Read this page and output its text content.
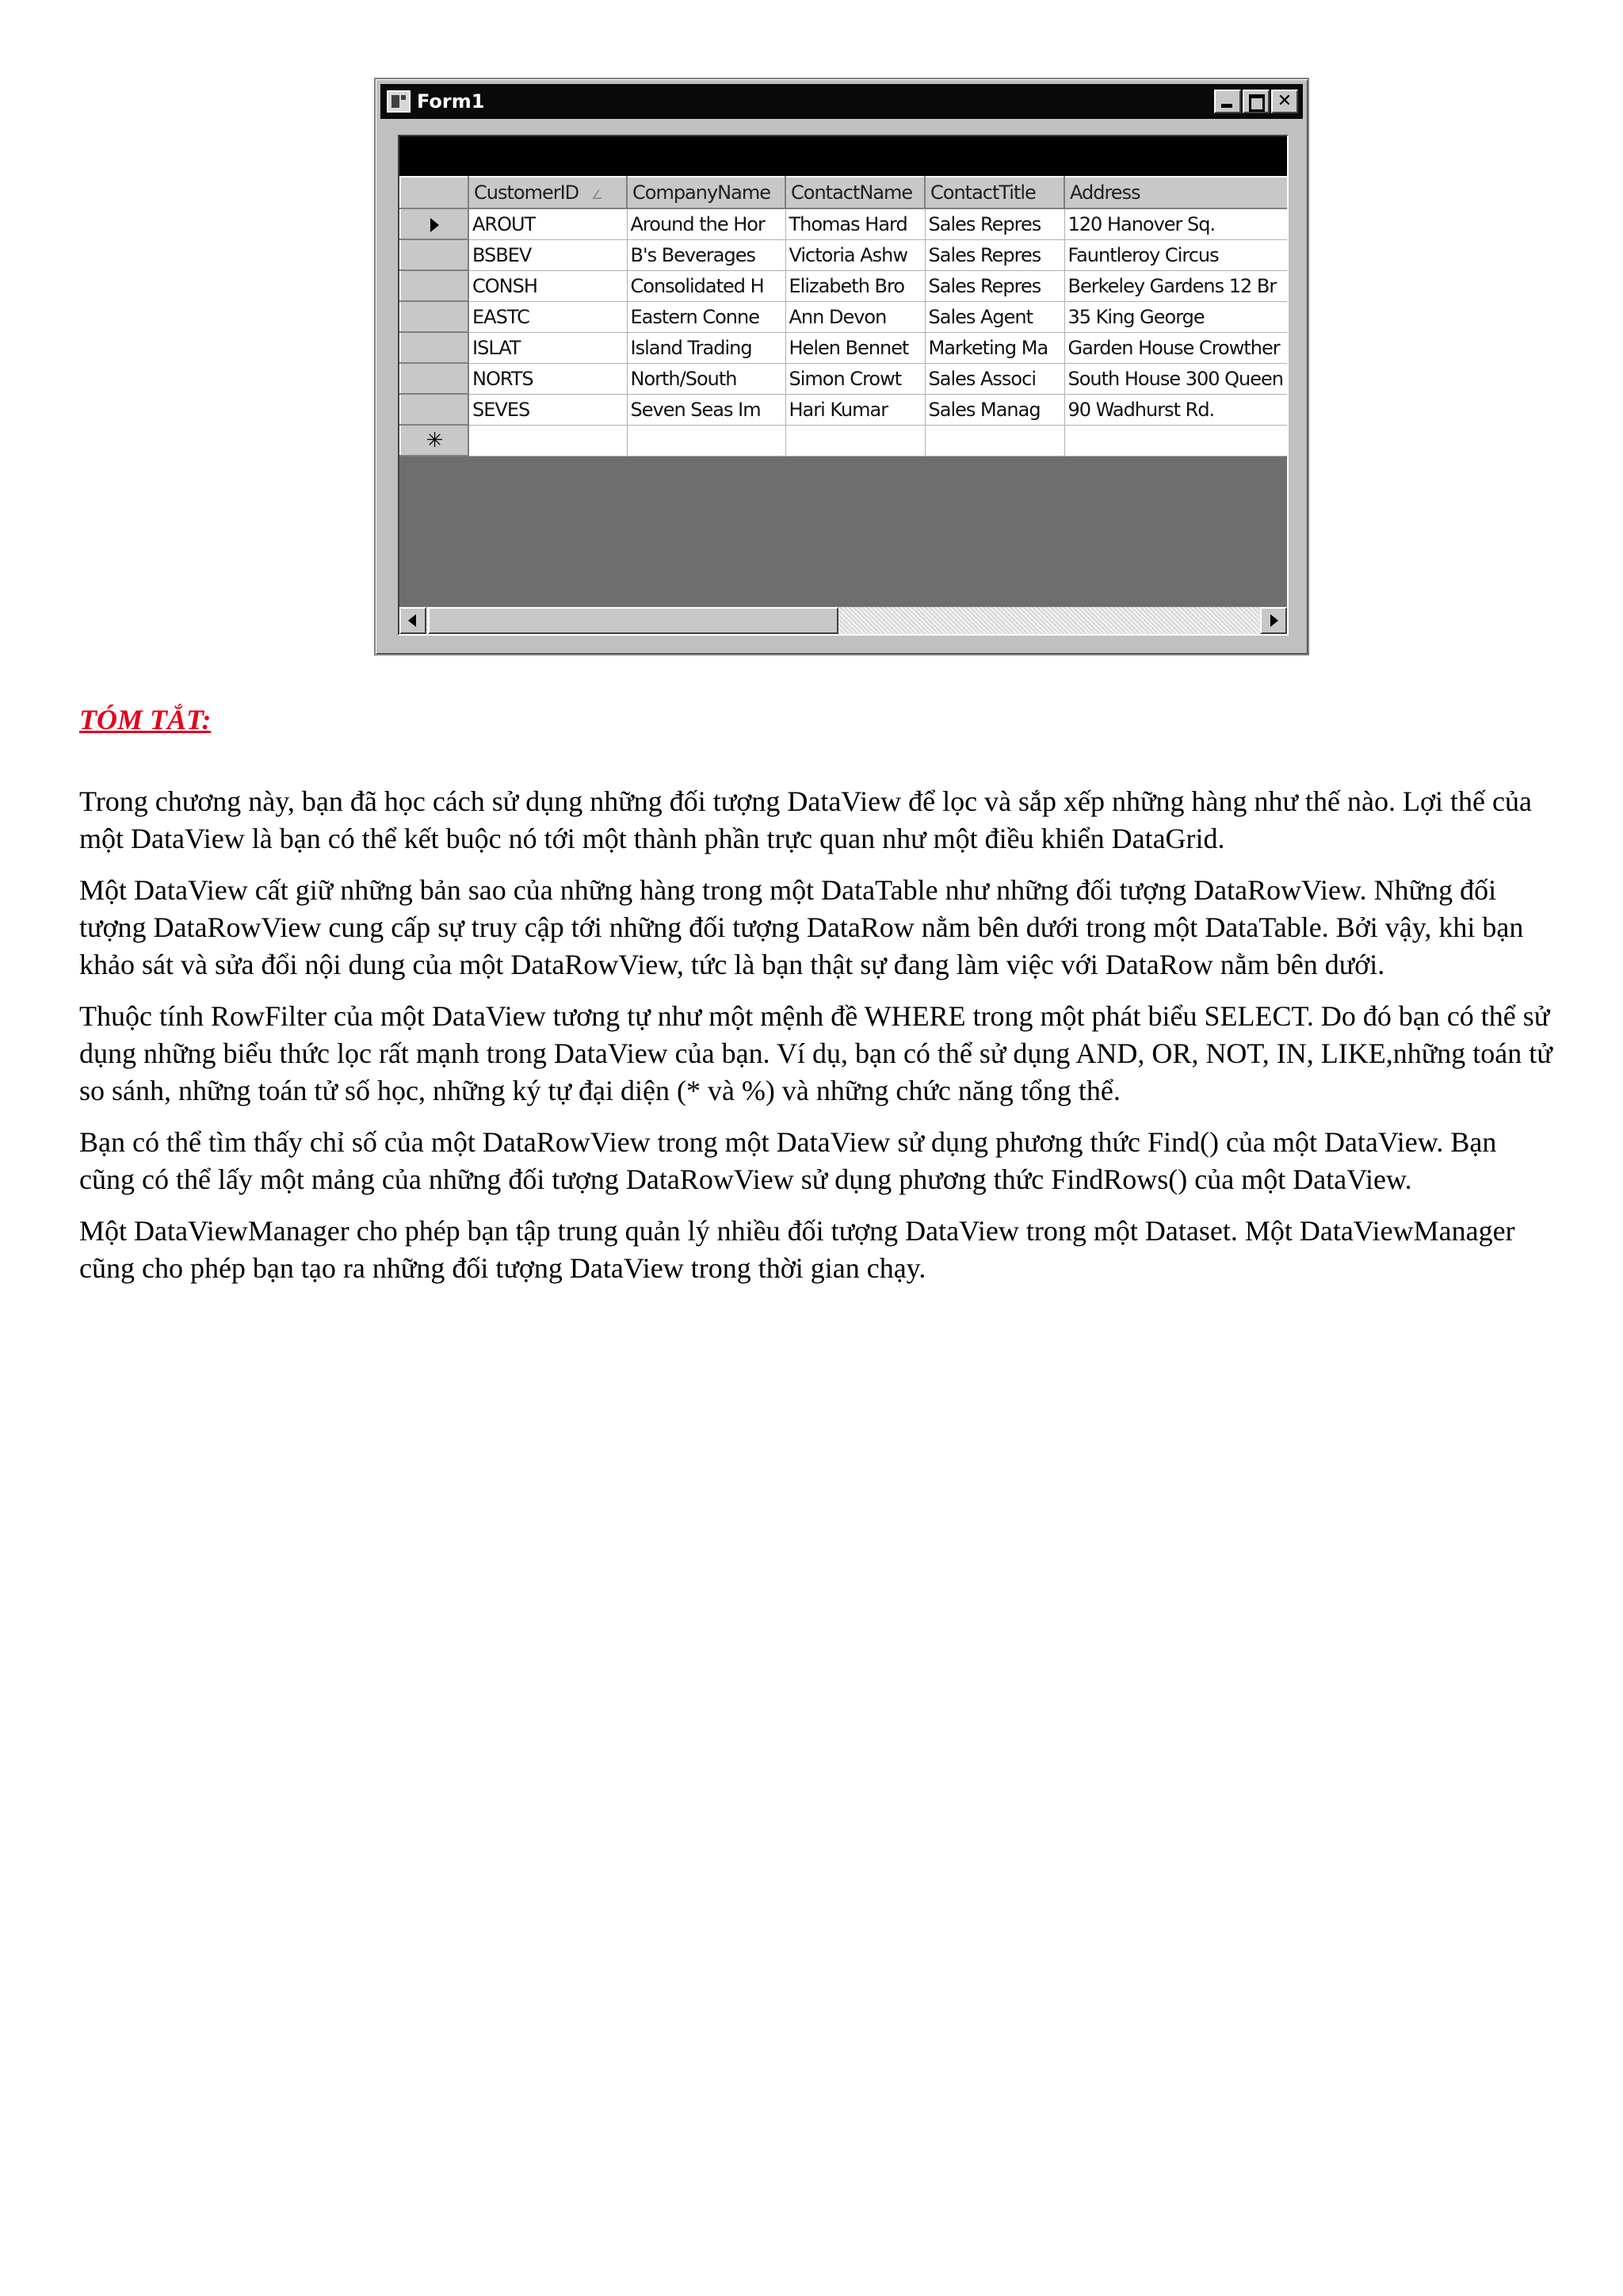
Form1	✕
	CustomerID ∠	CompanyName	ContactName	ContactTitle	Address
	AROUT	Around the Hor	Thomas Hard	Sales Repres	120 Hanover Sq.
	BSBEV	B's Beverages	Victoria Ashw	Sales Repres	Fauntleroy Circus
	CONSH	Consolidated H	Elizabeth Bro	Sales Repres	Berkeley Gardens 12 Br
	EASTC	Eastern Conne	Ann Devon	Sales Agent	35 King George
	ISLAT	Island Trading	Helen Bennet	Marketing Ma	Garden House Crowther
	NORTS	North/South	Simon Crowt	Sales Associ	South House 300 Queen
	SEVES	Seven Seas Im	Hari Kumar	Sales Manag	90 Wadhurst Rd.
✳					
TÓM TẮT:

Trong chương này, bạn đã học cách sử dụng những đối tượng DataView để lọc và sắp xếp những hàng như thế nào. Lợi thế của một DataView là bạn có thể kết buộc nó tới một thành phần trực quan như một điều khiển DataGrid.

Một DataView cất giữ những bản sao của những hàng trong một DataTable như những đối tượng DataRowView. Những đối tượng DataRowView cung cấp sự truy cập tới những đối tượng DataRow nằm bên dưới trong một DataTable. Bởi vậy, khi bạn khảo sát và sửa đổi nội dung của một DataRowView, tức là bạn thật sự đang làm việc với DataRow nằm bên dưới.

Thuộc tính RowFilter của một DataView tương tự như một mệnh đề WHERE trong một phát biểu SELECT. Do đó bạn có thể sử dụng những biểu thức lọc rất mạnh trong DataView của bạn. Ví dụ, bạn có thể sử dụng AND, OR, NOT, IN, LIKE,những toán tử so sánh, những toán tử số học, những ký tự đại diện (* và %) và những chức năng tổng thể.

Bạn có thể tìm thấy chỉ số của một DataRowView trong một DataView sử dụng phương thức Find() của một DataView. Bạn cũng có thể lấy một mảng của những đối tượng DataRowView sử dụng phương thức FindRows() của một DataView.

Một DataViewManager cho phép bạn tập trung quản lý nhiều đối tượng DataView trong một Dataset. Một DataViewManager cũng cho phép bạn tạo ra những đối tượng DataView trong thời gian chạy.
